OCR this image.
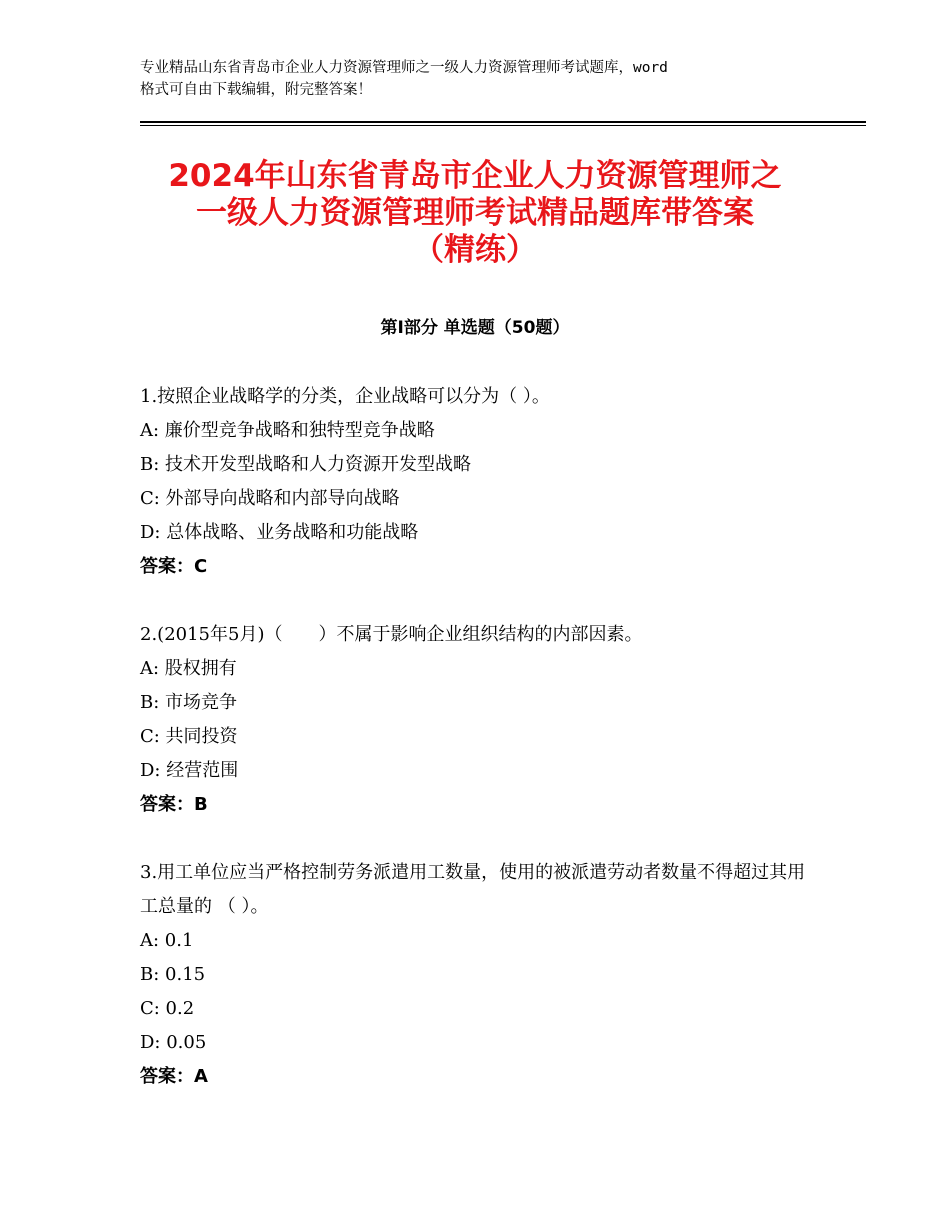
专业精品山东省青岛市企业人力资源管理师之一级人力资源管理师考试题库，word
格式可自由下载编辑，附完整答案！
2024年山东省青岛市企业人力资源管理师之
一级人力资源管理师考试精品题库带答案
（精练）
第Ⅰ部分 单选题（50题）
1.按照企业战略学的分类，企业战略可以分为（ ）。
A: 廉价型竞争战略和独特型竞争战略
B: 技术开发型战略和人力资源开发型战略
C: 外部导向战略和内部导向战略
D: 总体战略、业务战略和功能战略
答案：C
2.(2015年5月)（　　）不属于影响企业组织结构的内部因素。
A: 股权拥有
B: 市场竞争
C: 共同投资
D: 经营范围
答案：B
3.用工单位应当严格控制劳务派遣用工数量，使用的被派遣劳动者数量不得超过其用工总量的 （ ）。
A: 0.1
B: 0.15
C: 0.2
D: 0.05
答案：A
